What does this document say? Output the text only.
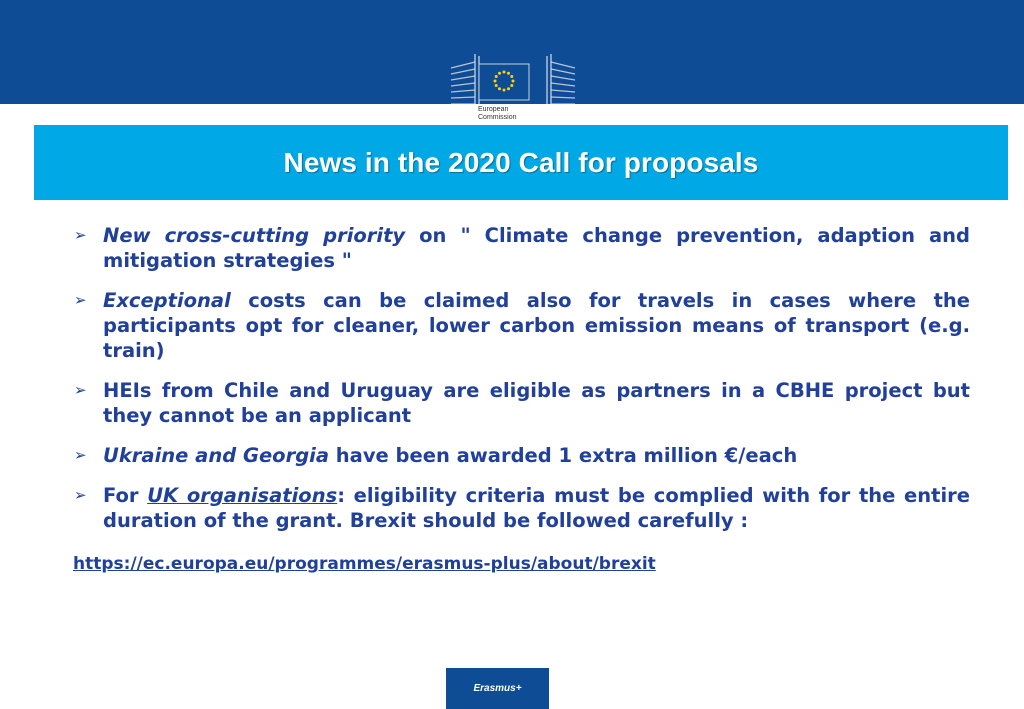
European
Commission
News in the 2020 Call for proposals
➢ New cross-cutting priority on " Climate change prevention, adaption and mitigation strategies "
➢ Exceptional costs can be claimed also for travels in cases where the participants opt for cleaner, lower carbon emission means of transport (e.g. train)
➢ HEIs from Chile and Uruguay are eligible as partners in a CBHE project but they cannot be an applicant
➢ Ukraine and Georgia have been awarded 1 extra million €/each
➢ For UK organisations: eligibility criteria must be complied with for the entire duration of the grant. Brexit should be followed carefully :
https://ec.europa.eu/programmes/erasmus-plus/about/brexit
Erasmus+
